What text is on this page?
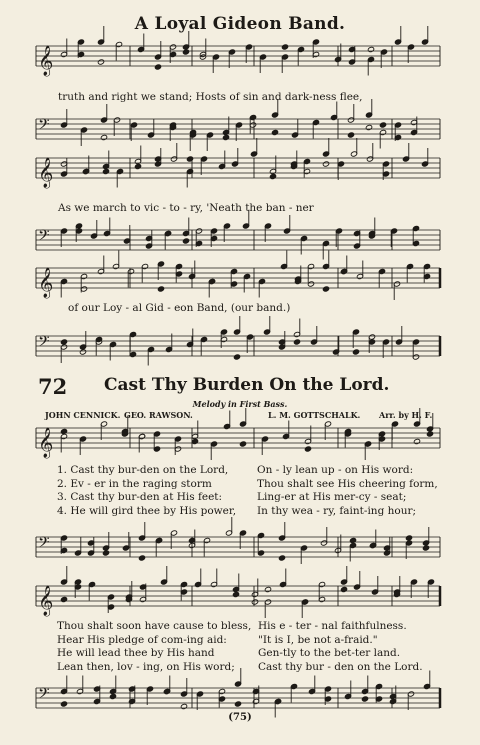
𝄞
𝄢
𝄞
𝄢
𝄞
𝄢
𝄞
𝄢
𝄞
𝄢
A Loyal Gideon Band.
truth and right we stand; Hosts of sin and dark-ness flee,
As we march to vic - to - ry, 'Neath the ban - ner
of our Loy - al Gid - eon Band, (our band.)
72 Cast Thy Burden On the Lord.
Melody in First Bass.
JOHN CENNICK. GEO. RAWSON.	L. M. GOTTSCHALK. Arr. by H. F.
1. Cast thy bur-den on the Lord,
2. Ev - er in the raging storm
3. Cast thy bur-den at His feet:
4. He will gird thee by His power,
On - ly lean up - on His word:
Thou shalt see His cheering form,
Ling-er at His mer-cy - seat;
In thy wea - ry, faint-ing hour;
Thou shalt soon have cause to bless,
Hear His pledge of com-ing aid:
He will lead thee by His hand
Lean then, lov - ing, on His word;
His e - ter - nal faithfulness.
"It is I, be not a-fraid."
Gen-tly to the bet-ter land.
Cast thy bur - den on the Lord.
(75)
